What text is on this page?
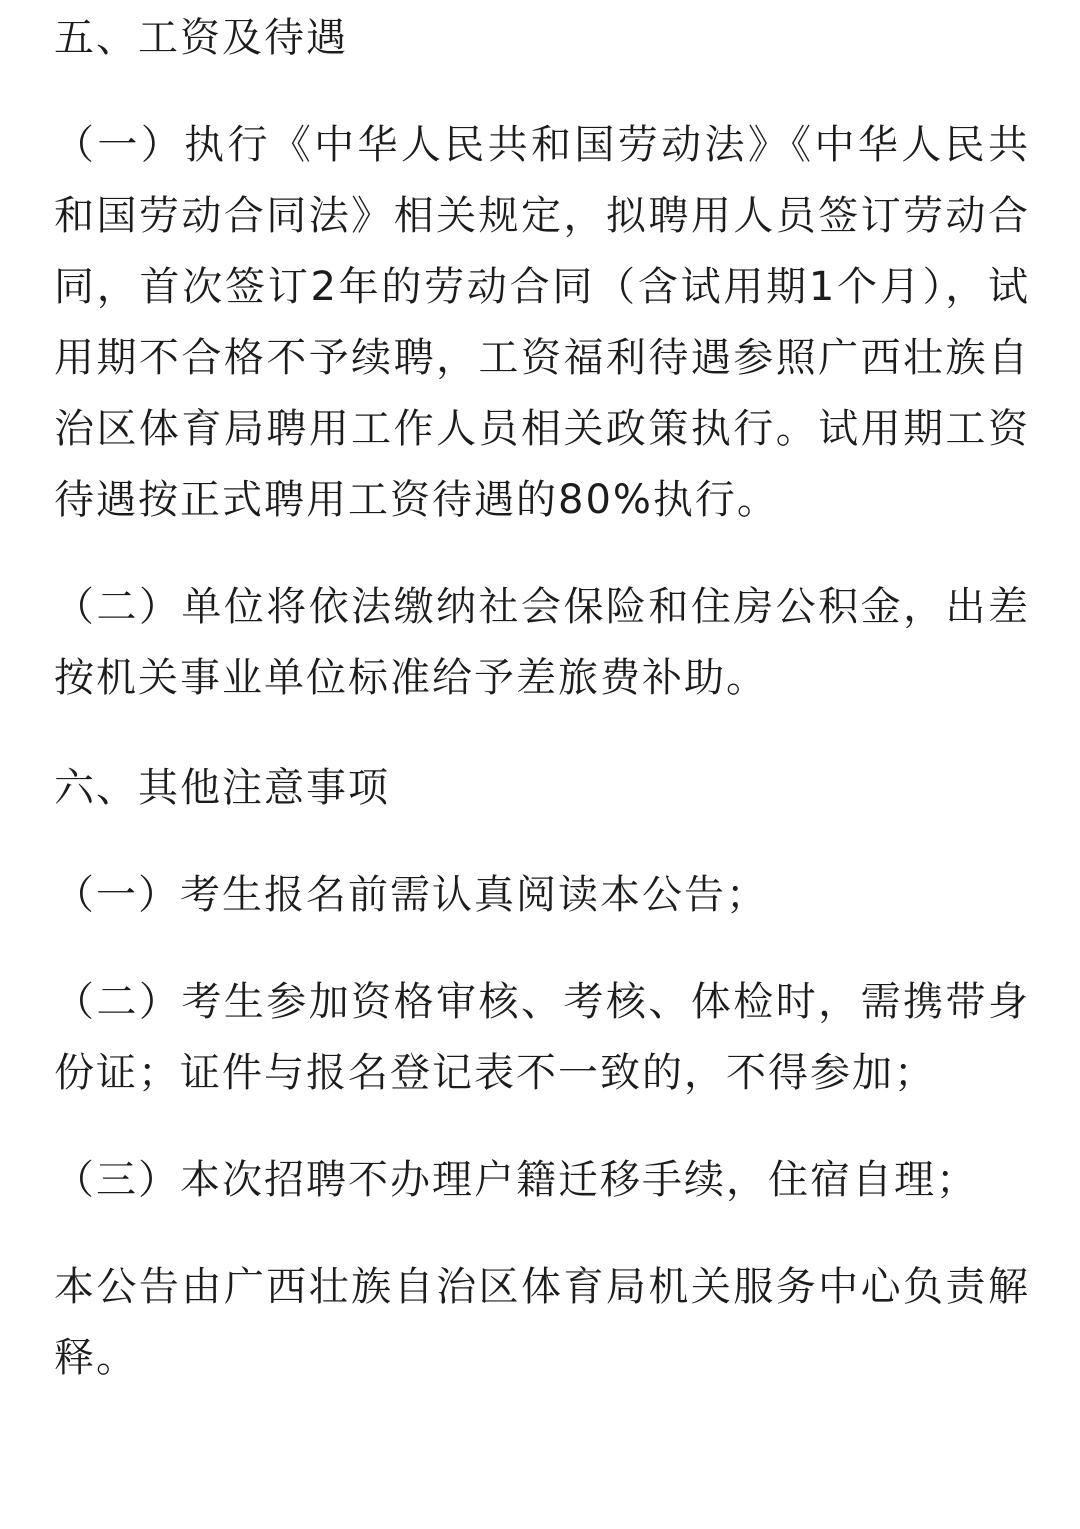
五、工资及待遇

（一）执行《中华人民共和国劳动法》《中华人民共和国劳动合同法》相关规定，拟聘用人员签订劳动合同，首次签订2年的劳动合同（含试用期1个月），试用期不合格不予续聘，工资福利待遇参照广西壮族自治区体育局聘用工作人员相关政策执行。试用期工资待遇按正式聘用工资待遇的80%执行。

（二）单位将依法缴纳社会保险和住房公积金，出差按机关事业单位标准给予差旅费补助。

六、其他注意事项

（一）考生报名前需认真阅读本公告；

（二）考生参加资格审核、考核、体检时，需携带身份证；证件与报名登记表不一致的，不得参加；

（三）本次招聘不办理户籍迁移手续，住宿自理；

本公告由广西壮族自治区体育局机关服务中心负责解释。
